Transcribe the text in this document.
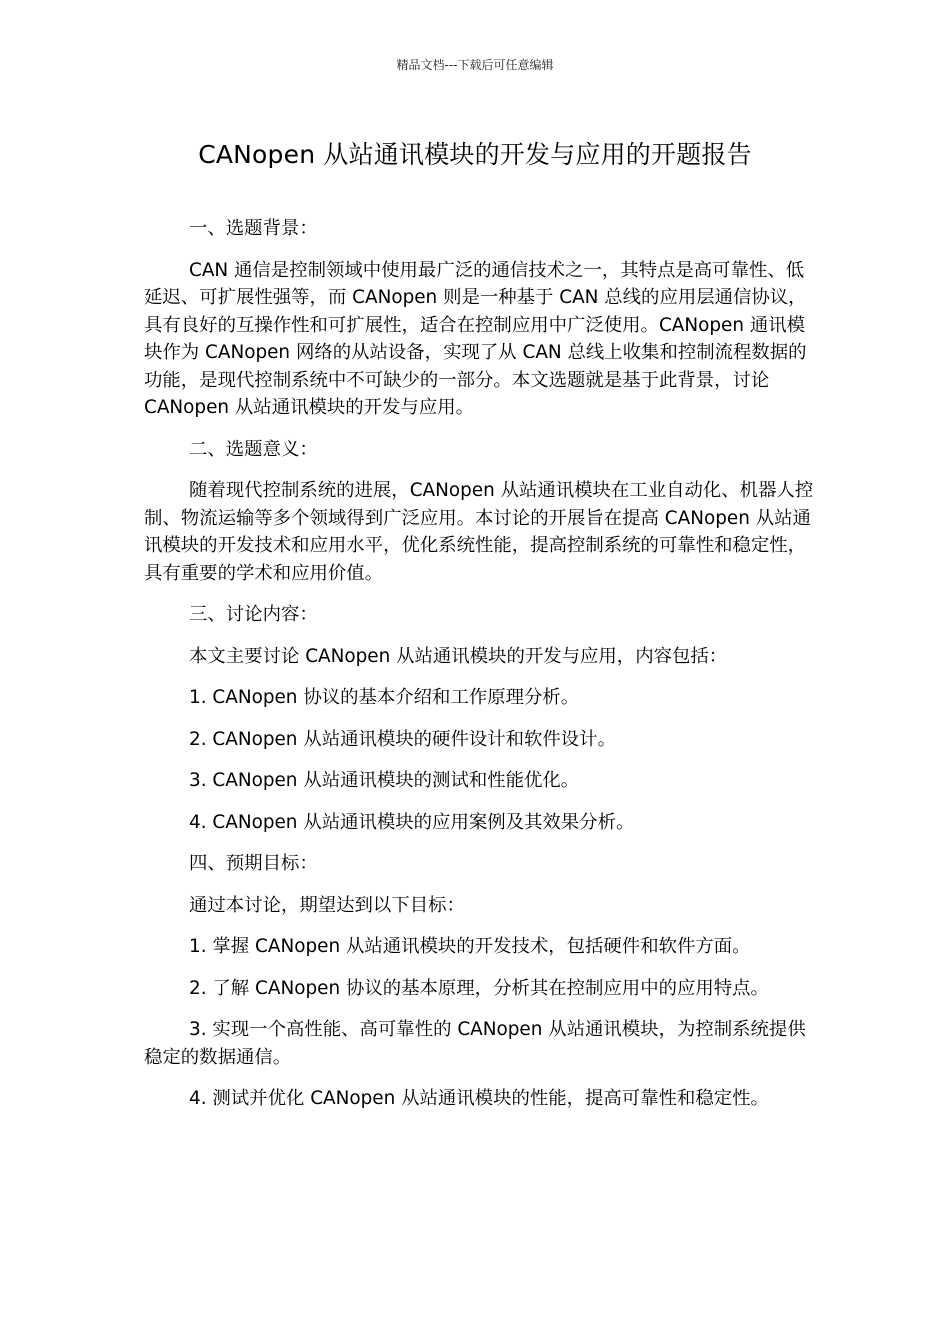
精品文档---下载后可任意编辑
CANopen 从站通讯模块的开发与应用的开题报告

一、选题背景：

CAN 通信是控制领域中使用最广泛的通信技术之一，其特点是高可靠性、低延迟、可扩展性强等，而 CANopen 则是一种基于 CAN 总线的应用层通信协议，具有良好的互操作性和可扩展性，适合在控制应用中广泛使用。CANopen 通讯模块作为 CANopen 网络的从站设备，实现了从 CAN 总线上收集和控制流程数据的功能，是现代控制系统中不可缺少的一部分。本文选题就是基于此背景，讨论 CANopen 从站通讯模块的开发与应用。

二、选题意义：

随着现代控制系统的进展，CANopen 从站通讯模块在工业自动化、机器人控制、物流运输等多个领域得到广泛应用。本讨论的开展旨在提高 CANopen 从站通讯模块的开发技术和应用水平，优化系统性能，提高控制系统的可靠性和稳定性，具有重要的学术和应用价值。

三、讨论内容：

本文主要讨论 CANopen 从站通讯模块的开发与应用，内容包括：

1. CANopen 协议的基本介绍和工作原理分析。

2. CANopen 从站通讯模块的硬件设计和软件设计。

3. CANopen 从站通讯模块的测试和性能优化。

4. CANopen 从站通讯模块的应用案例及其效果分析。

四、预期目标：

通过本讨论，期望达到以下目标：

1. 掌握 CANopen 从站通讯模块的开发技术，包括硬件和软件方面。

2. 了解 CANopen 协议的基本原理，分析其在控制应用中的应用特点。

3. 实现一个高性能、高可靠性的 CANopen 从站通讯模块，为控制系统提供稳定的数据通信。

4. 测试并优化 CANopen 从站通讯模块的性能，提高可靠性和稳定性。
